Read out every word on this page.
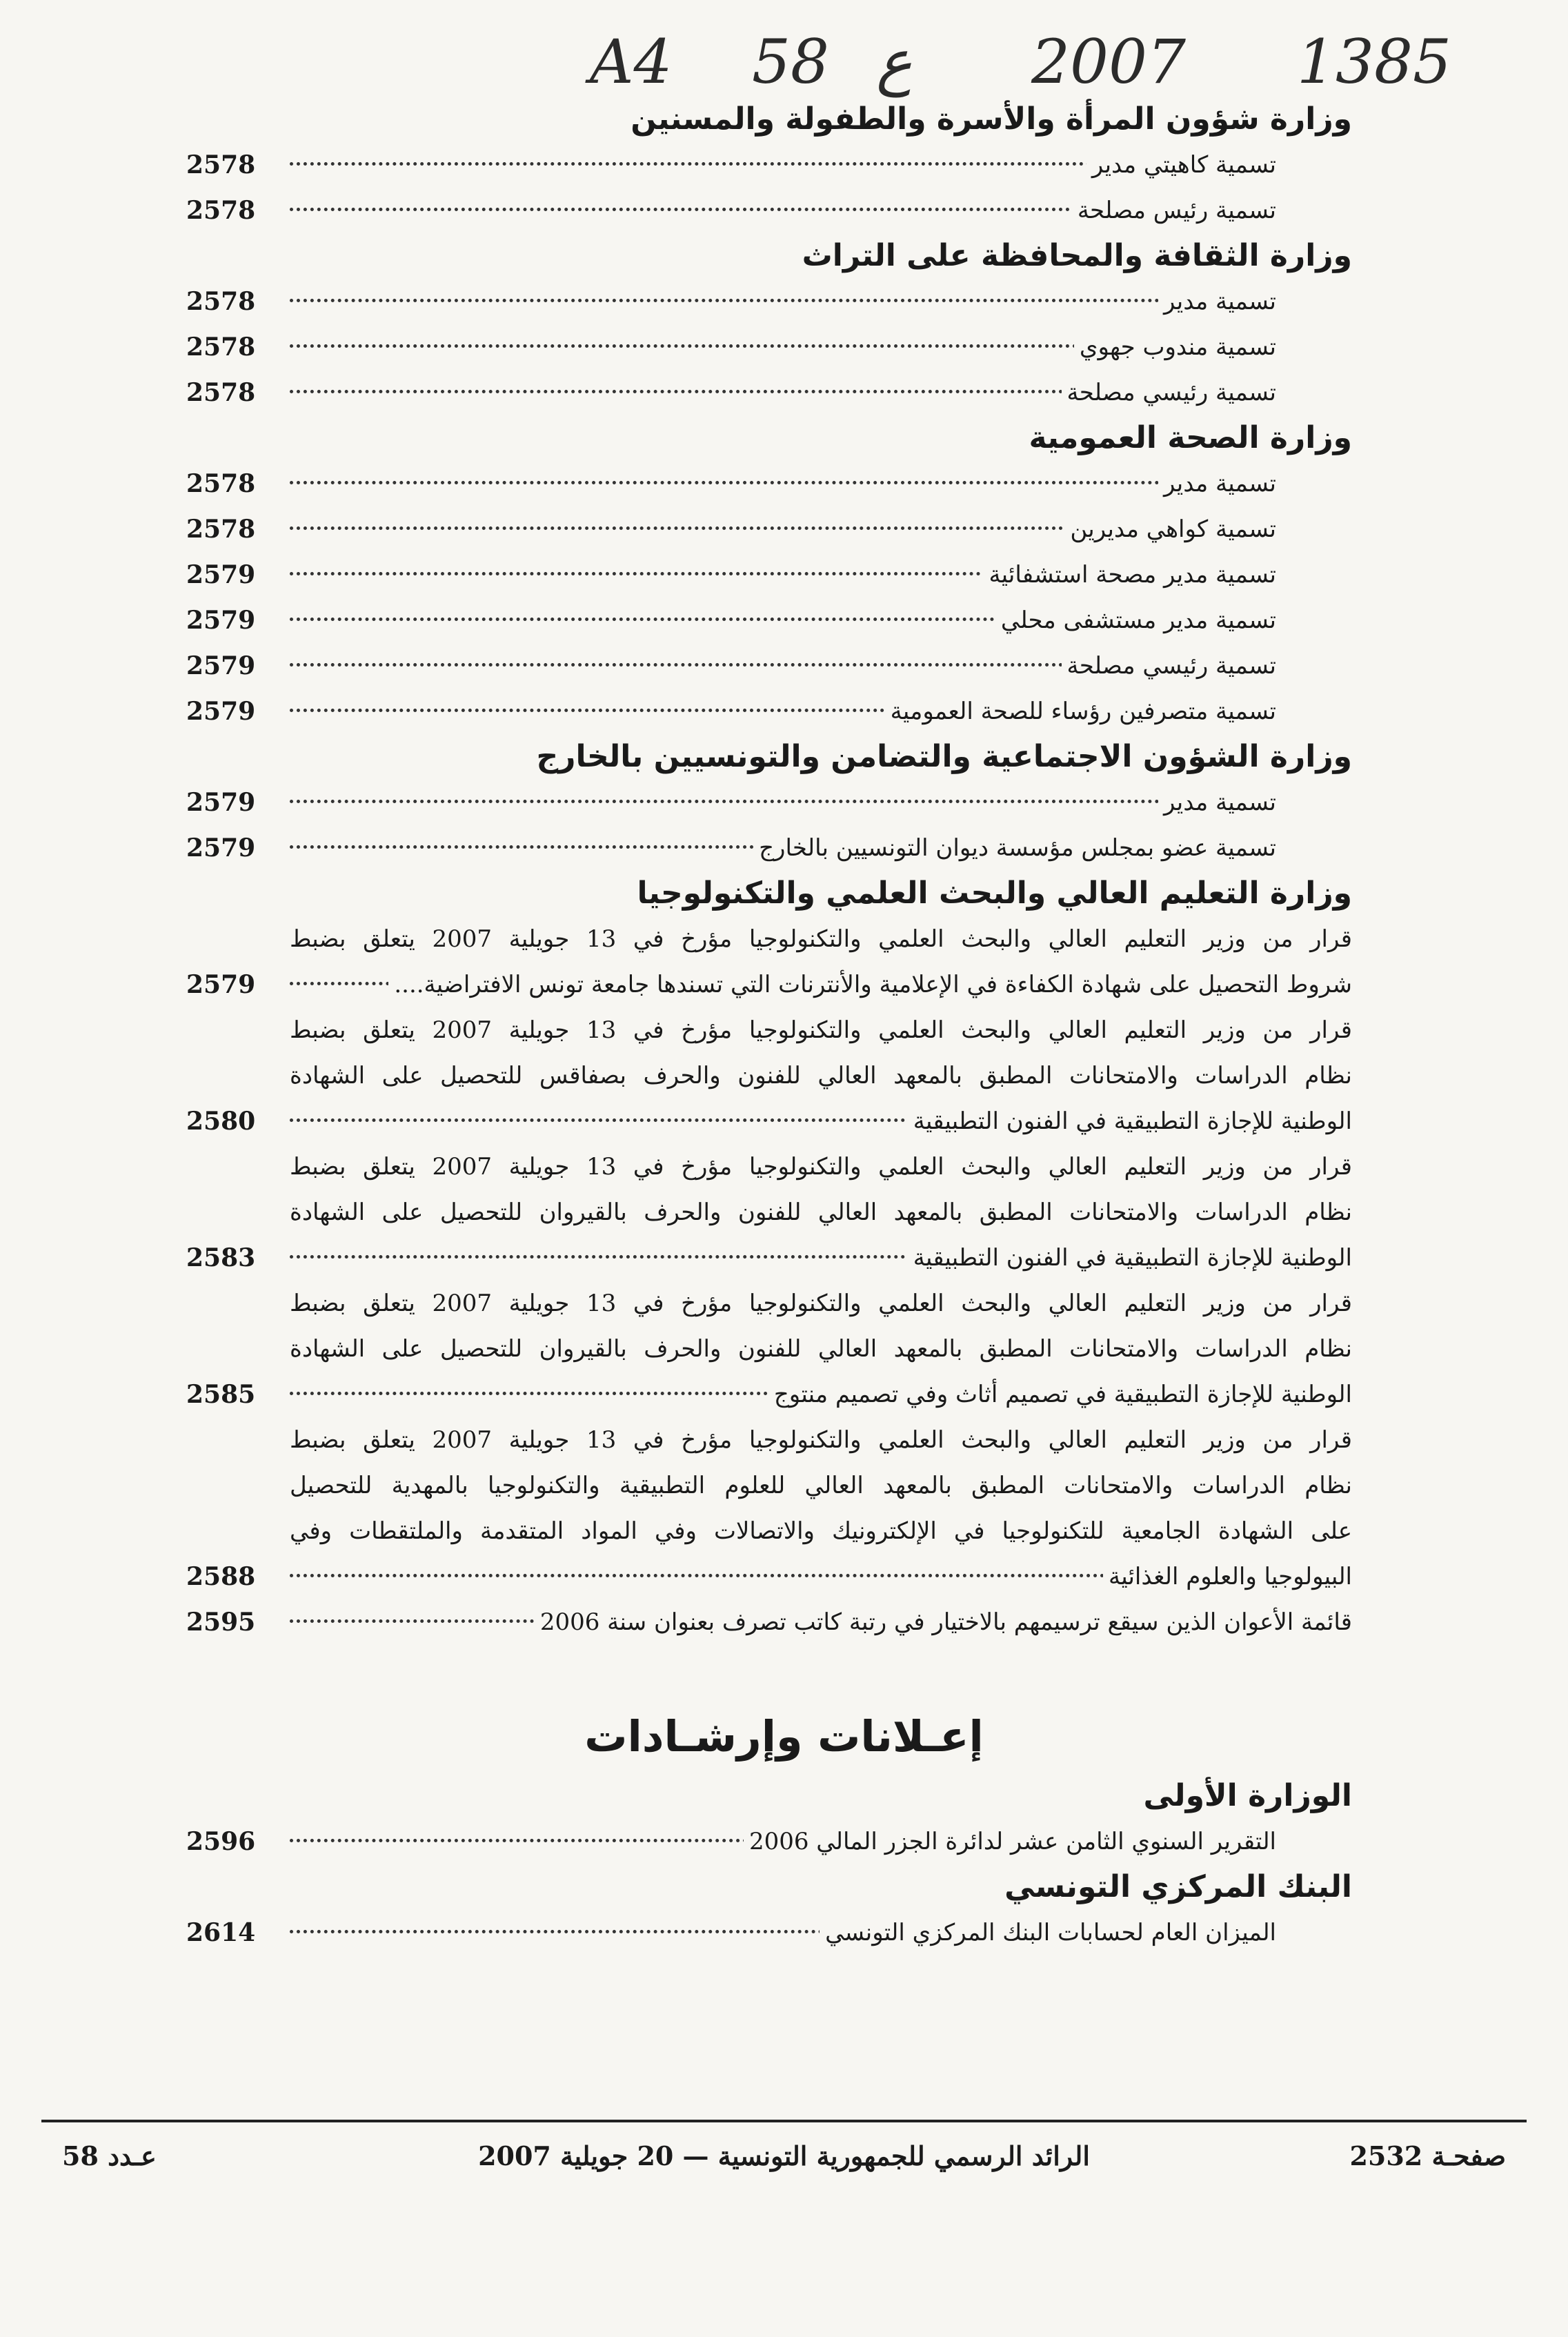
A4 58 ع 2007 1385
وزارة شؤون المرأة والأسرة والطفولة والمسنين
تسمية كاهيتي مدير
2578
تسمية رئيس مصلحة
2578
وزارة الثقافة والمحافظة على التراث
تسمية مدير
2578
تسمية مندوب جهوي
2578
تسمية رئيسي مصلحة
2578
وزارة الصحة العمومية
تسمية مدير
2578
تسمية كواهي مديرين
2578
تسمية مدير مصحة استشفائية
2579
تسمية مدير مستشفى محلي
2579
تسمية رئيسي مصلحة
2579
تسمية متصرفين رؤساء للصحة العمومية
2579
وزارة الشؤون الاجتماعية والتضامن والتونسيين بالخارج
تسمية مدير
2579
تسمية عضو بمجلس مؤسسة ديوان التونسيين بالخارج
2579
وزارة التعليم العالي والبحث العلمي والتكنولوجيا
قرار من وزير التعليم العالي والبحث العلمي والتكنولوجيا مؤرخ في 13 جويلية 2007 يتعلق بضبط
شروط التحصيل على شهادة الكفاءة في الإعلامية والأنترنات التي تسندها جامعة تونس الافتراضية....
2579
قرار من وزير التعليم العالي والبحث العلمي والتكنولوجيا مؤرخ في 13 جويلية 2007 يتعلق بضبط
نظام الدراسات والامتحانات المطبق بالمعهد العالي للفنون والحرف بصفاقس للتحصيل على الشهادة
الوطنية للإجازة التطبيقية في الفنون التطبيقية
2580
قرار من وزير التعليم العالي والبحث العلمي والتكنولوجيا مؤرخ في 13 جويلية 2007 يتعلق بضبط
نظام الدراسات والامتحانات المطبق بالمعهد العالي للفنون والحرف بالقيروان للتحصيل على الشهادة
الوطنية للإجازة التطبيقية في الفنون التطبيقية
2583
قرار من وزير التعليم العالي والبحث العلمي والتكنولوجيا مؤرخ في 13 جويلية 2007 يتعلق بضبط
نظام الدراسات والامتحانات المطبق بالمعهد العالي للفنون والحرف بالقيروان للتحصيل على الشهادة
الوطنية للإجازة التطبيقية في تصميم أثاث وفي تصميم منتوج
2585
قرار من وزير التعليم العالي والبحث العلمي والتكنولوجيا مؤرخ في 13 جويلية 2007 يتعلق بضبط
نظام الدراسات والامتحانات المطبق بالمعهد العالي للعلوم التطبيقية والتكنولوجيا بالمهدية للتحصيل
على الشهادة الجامعية للتكنولوجيا في الإلكترونيك والاتصالات وفي المواد المتقدمة والملتقطات وفي
البيولوجيا والعلوم الغذائية
2588
قائمة الأعوان الذين سيقع ترسيمهم بالاختيار في رتبة كاتب تصرف بعنوان سنة 2006
2595
إعـلانات وإرشـادات
الوزارة الأولى
التقرير السنوي الثامن عشر لدائرة الجزر المالي 2006
2596
البنك المركزي التونسي
الميزان العام لحسابات البنك المركزي التونسي
2614
صفحـة 2532
الرائد الرسمي للجمهورية التونسية — 20 جويلية 2007
عـدد 58
